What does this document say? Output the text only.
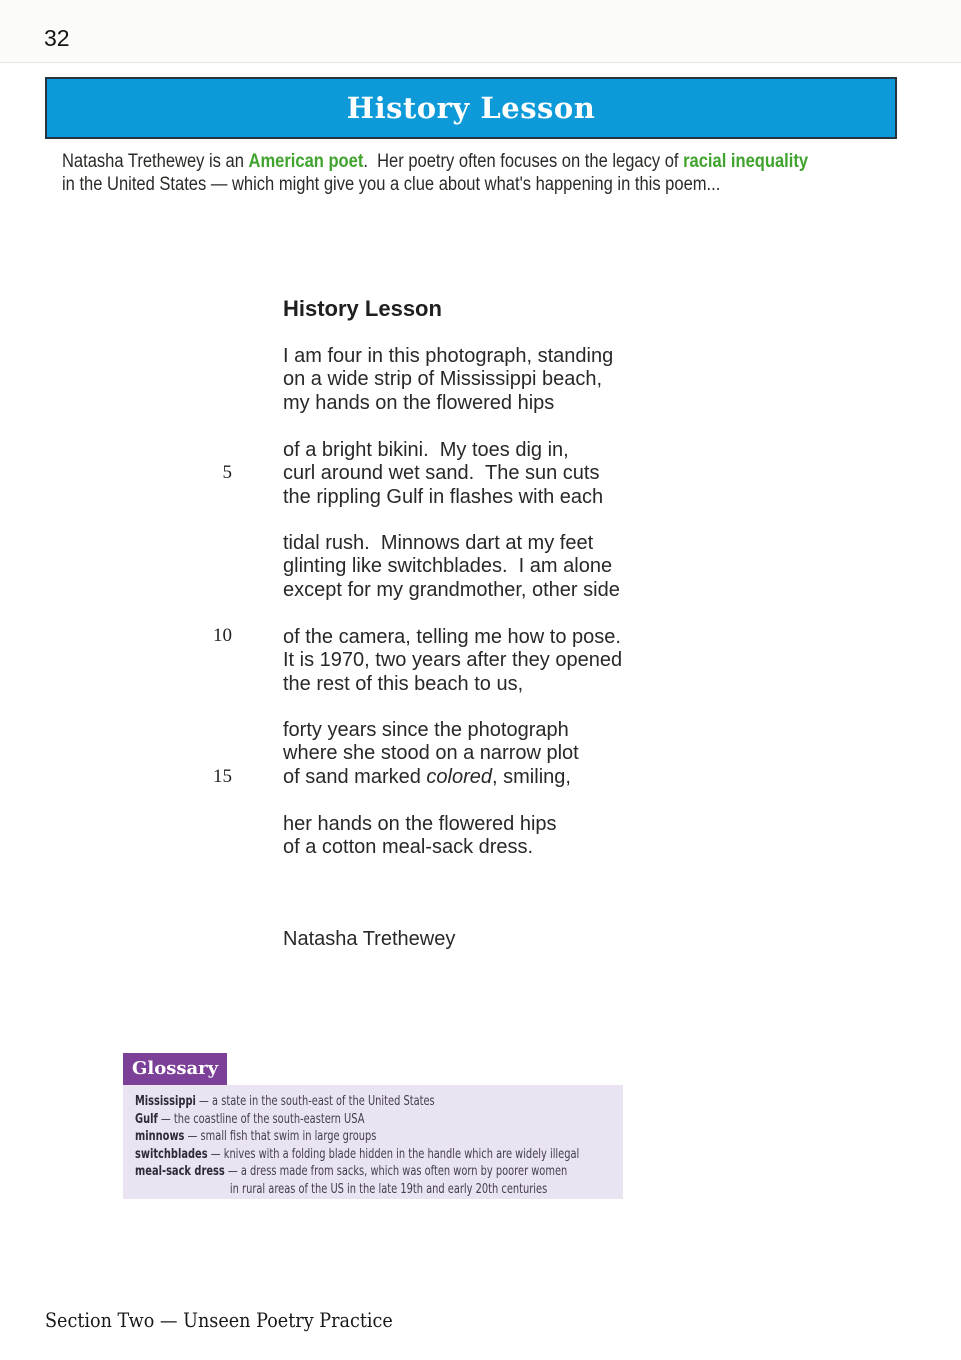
32
History Lesson
Natasha Trethewey is an American poet.  Her poetry often focuses on the legacy of racial inequality
in the United States — which might give you a clue about what's happening in this poem...
History Lesson
5
10
15
I am four in this photograph, standing
on a wide strip of Mississippi beach,
my hands on the flowered hips
of a bright bikini.  My toes dig in,
curl around wet sand.  The sun cuts
the rippling Gulf in flashes with each
tidal rush.  Minnows dart at my feet
glinting like switchblades.  I am alone
except for my grandmother, other side
of the camera, telling me how to pose.
It is 1970, two years after they opened
the rest of this beach to us,
forty years since the photograph
where she stood on a narrow plot
of sand marked colored, smiling,
her hands on the flowered hips
of a cotton meal-sack dress.
Natasha Trethewey
Glossary
Mississippi — a state in the south-east of the United States
Gulf — the coastline of the south-eastern USA
minnows — small fish that swim in large groups
switchblades — knives with a folding blade hidden in the handle which are widely illegal
meal-sack dress — a dress made from sacks, which was often worn by poorer women
in rural areas of the US in the late 19th and early 20th centuries
Section Two — Unseen Poetry Practice
